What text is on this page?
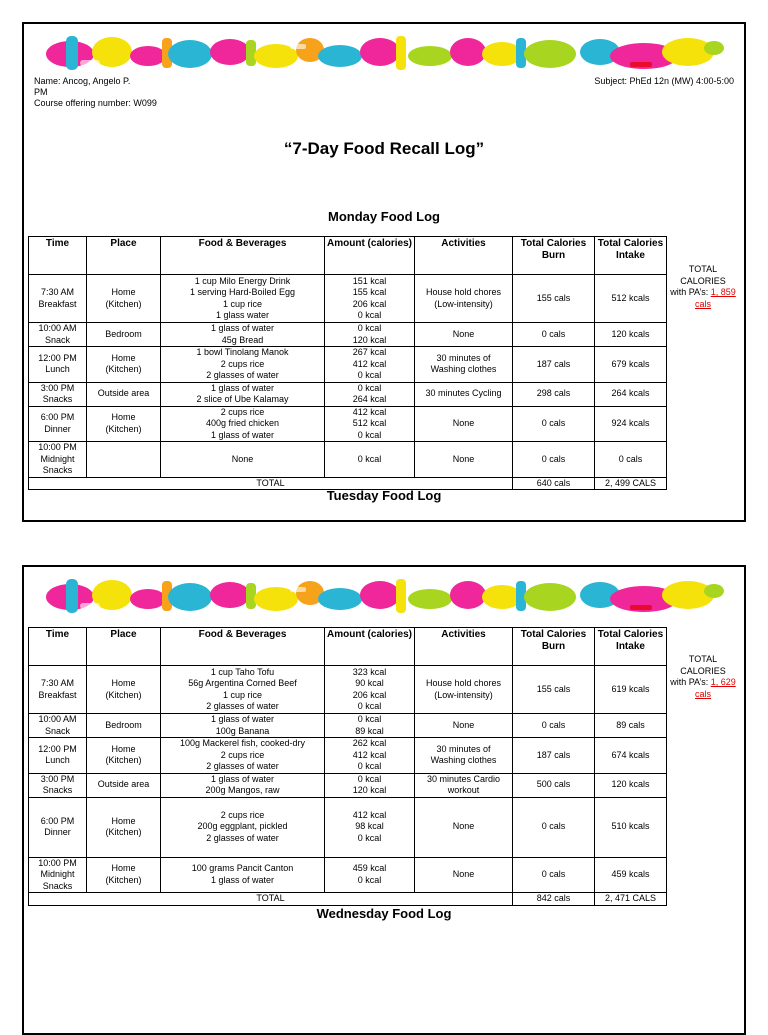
Name: Ancog, Angelo P.
PM
Course offering number: W099
Subject: PhEd 12n (MW) 4:00-5:00
“7-Day Food Recall Log”
Monday Food Log
Time	Place	Food & Beverages	Amount (calories)	Activities	Total Calories Burn	Total Calories Intake
7:30 AM
Breakfast	Home
(Kitchen)	1 cup Milo Energy Drink
1 serving Hard-Boiled Egg
1 cup rice
1 glass water	151 kcal
155 kcal
206 kcal
0 kcal	House hold chores
(Low-intensity)	155 cals	512 kcals
10:00 AM
Snack	Bedroom	1 glass of water
45g Bread	0 kcal
120 kcal	None	0 cals	120 kcals
12:00 PM
Lunch	Home
(Kitchen)	1 bowl Tinolang Manok
2 cups rice
2 glasses of water	267 kcal
412 kcal
0 kcal	30 minutes of
Washing clothes	187 cals	679 kcals
3:00 PM
Snacks	Outside area	1 glass of water
2 slice of Ube Kalamay	0 kcal
264 kcal	30 minutes Cycling	298 cals	264 kcals
6:00 PM
Dinner	Home
(Kitchen)	2 cups rice
400g fried chicken
1 glass of water	412 kcal
512 kcal
0 kcal	None	0 cals	924 kcals
10:00 PM
Midnight
Snacks		None	0 kcal	None	0 cals	0 cals
TOTAL					640 cals	2, 499 CALS
TOTAL
CALORIES
with PA’s: 1, 859 cals
Tuesday Food Log
Time	Place	Food & Beverages	Amount (calories)	Activities	Total Calories Burn	Total Calories Intake
7:30 AM
Breakfast	Home
(Kitchen)	1 cup Taho Tofu
56g Argentina Corned Beef
1 cup rice
2 glasses of water	323 kcal
90 kcal
206 kcal
0 kcal	House hold chores
(Low-intensity)	155 cals	619 kcals
10:00 AM
Snack	Bedroom	1 glass of water
100g Banana	0 kcal
89 kcal	None	0 cals	89 cals
12:00 PM
Lunch	Home
(Kitchen)	100g Mackerel fish, cooked-dry
2 cups rice
2 glasses of water	262 kcal
412 kcal
0 kcal	30 minutes of
Washing clothes	187 cals	674 kcals
3:00 PM
Snacks	Outside area	1 glass of water
200g Mangos, raw	0 kcal
120 kcal	30 minutes Cardio
workout	500 cals	120 kcals
6:00 PM
Dinner	Home
(Kitchen)	2 cups rice
200g eggplant, pickled
2 glasses of water	412 kcal
98 kcal
0 kcal	None	0 cals	510 kcals
10:00 PM
Midnight
Snacks	Home
(Kitchen)	100 grams Pancit Canton
1 glass of water	459 kcal
0 kcal	None	0 cals	459 kcals
TOTAL					842 cals	2, 471 CALS
TOTAL
CALORIES
with PA’s: 1, 629 cals
Wednesday Food Log
